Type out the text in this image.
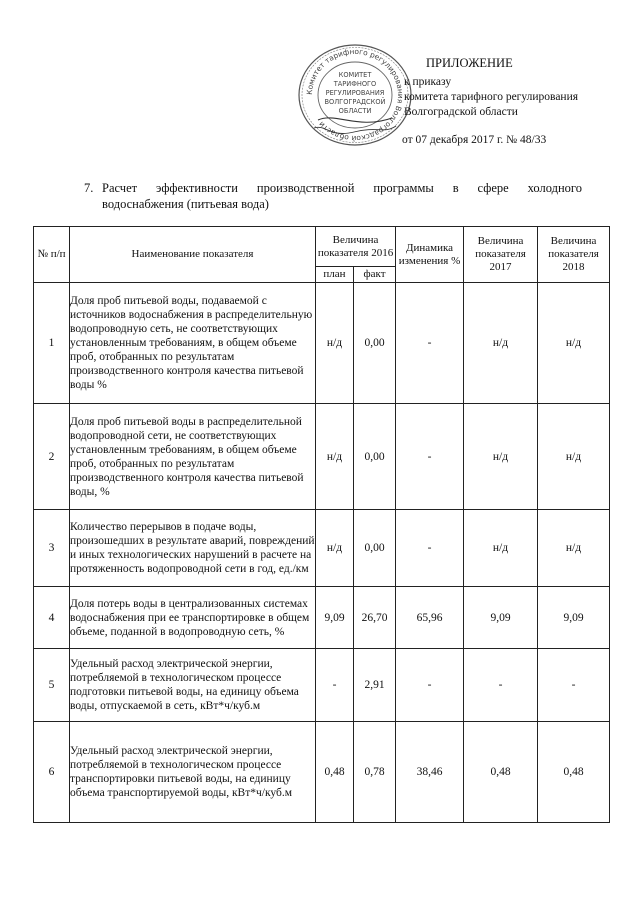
Комитет тарифного регулирования Волгоградской области
КОМИТЕТ
ТАРИФНОГО
РЕГУЛИРОВАНИЯ
ВОЛГОГРАДСКОЙ
ОБЛАСТИ
ПРИЛОЖЕНИЕ
к приказу
комитета тарифного регулирования
Волгоградской области
от 07 декабря 2017 г. № 48/33
7. Расчет эффективности производственной программы в сфере холодного
водоснабжения (питьевая вода)
№ п/п	Наименование показателя	Величина показателя 2016		Динамика изменения %	Величина показателя 2017	Величина показателя 2018
		план	факт			
1	Доля проб питьевой воды, подаваемой с источников водоснабжения в распределительную водопроводную сеть, не соответствующих установленным требованиям, в общем объеме проб, отобранных по результатам производственного контроля качества питьевой воды %	н/д	0,00	-	н/д	н/д
2	Доля проб питьевой воды в распределительной водопроводной сети, не соответствующих установленным требованиям, в общем объеме проб, отобранных по результатам производственного контроля качества питьевой воды, %	н/д	0,00	-	н/д	н/д
3	Количество перерывов в подаче воды, произошедших в результате аварий, повреждений и иных технологических нарушений в расчете на протяженность водопроводной сети в год, ед./км	н/д	0,00	-	н/д	н/д
4	Доля потерь воды в централизованных системах водоснабжения при ее транспортировке в общем объеме, поданной в водопроводную сеть, %	9,09	26,70	65,96	9,09	9,09
5	Удельный расход электрической энергии, потребляемой в технологическом процессе подготовки питьевой воды, на единицу объема воды, отпускаемой в сеть, кВт*ч/куб.м	-	2,91	-	-	-
6	Удельный расход электрической энергии, потребляемой в технологическом процессе транспортировки питьевой воды, на единицу объема транспортируемой воды, кВт*ч/куб.м	0,48	0,78	38,46	0,48	0,48
